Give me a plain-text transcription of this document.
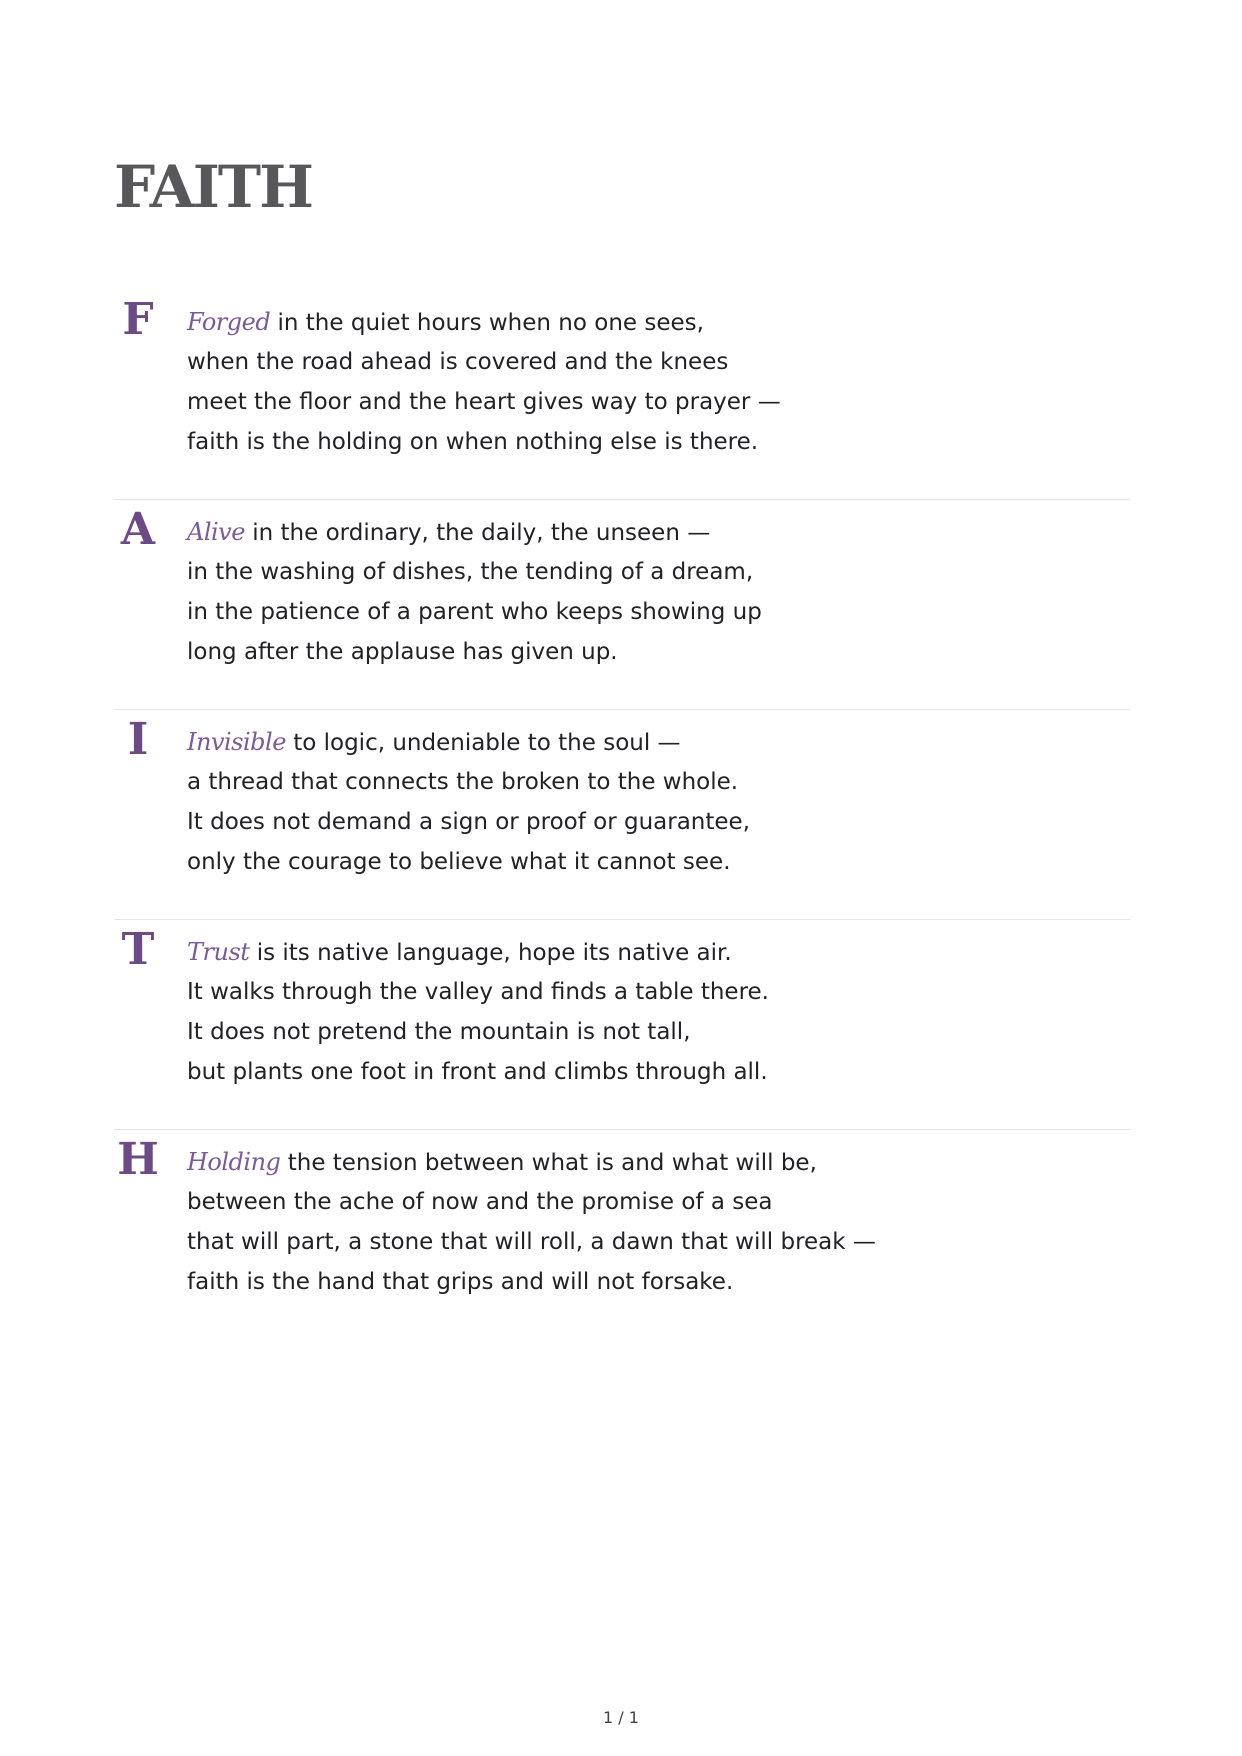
FAITH
F	Forged in the quiet hours when no one sees,
when the road ahead is covered and the knees
meet the floor and the heart gives way to prayer —
faith is the holding on when nothing else is there.
A Alive in the ordinary, the daily, the unseen —
in the washing of dishes, the tending of a dream,
in the patience of a parent who keeps showing up
long after the applause has given up.
I	Invisible to logic, undeniable to the soul —
a thread that connects the broken to the whole.
It does not demand a sign or proof or guarantee,
only the courage to believe what it cannot see.
T	Trust is its native language, hope its native air.
It walks through the valley and finds a table there.
It does not pretend the mountain is not tall,
but plants one foot in front and climbs through all.
H Holding the tension between what is and what will be,
between the ache of now and the promise of a sea
that will part, a stone that will roll, a dawn that will break —
faith is the hand that grips and will not forsake.
1 / 1
